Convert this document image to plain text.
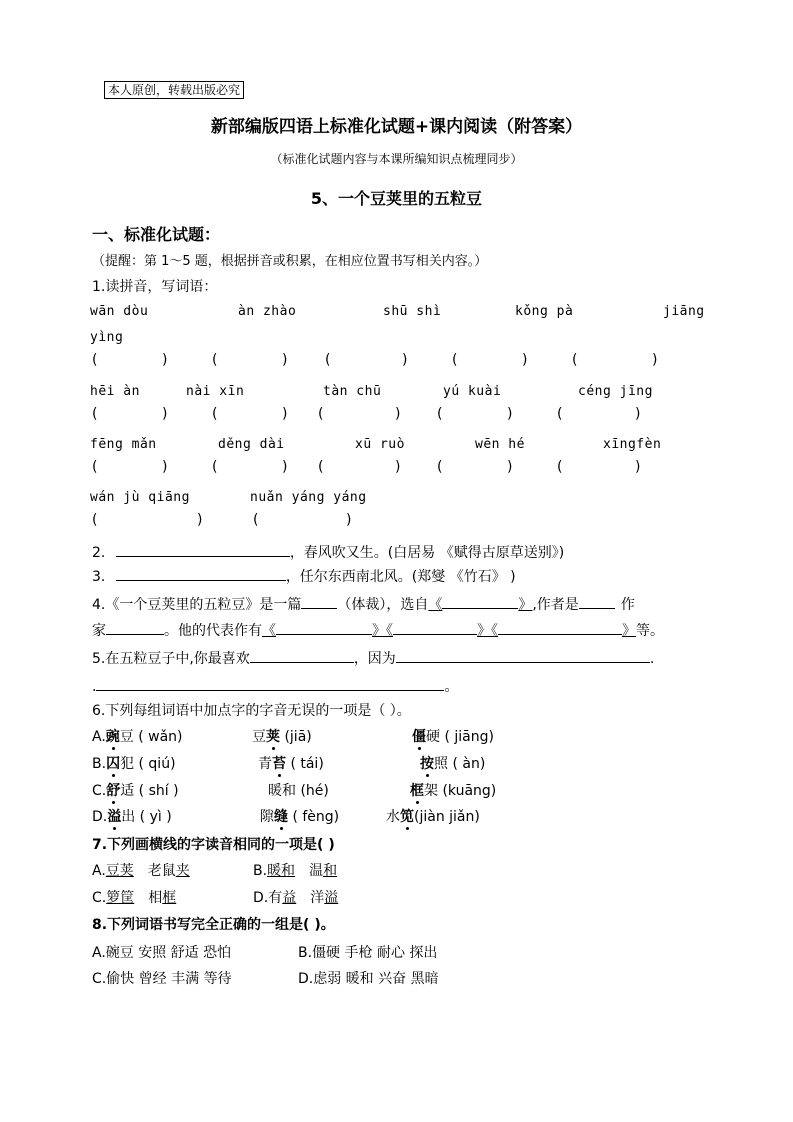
本人原创，转载出版必究
新部编版四语上标准化试题+课内阅读（附答案）
（标准化试题内容与本课所编知识点梳理同步）
5、一个豆荚里的五粒豆
一、标准化试题：
（提醒：第 1～5 题，根据拼音或积累，在相应位置书写相关内容。）
1.读拼音，写词语：
wān dòu	àn zhào	shū shì	kǒng pà	jiāng
yìng
(	)	(	)	(	)	(	)	(	)
hēi àn	nài xīn	tàn chū	yú kuài	céng jīng
(	)	(	) (	)	(	)	(	)
fēng mǎn	děng dài	xū ruò	wēn hé	xīngfèn
(	)	(	) (	)	(	)	(	)
wán jù qiāng	nuǎn yáng yáng
(	)	(	)
2.	，春风吹又生。(白居易 《赋得古原草送别》)
3.	，任尔东西南北风。(郑燮 《竹石》 )
4.《一个豆荚里的五粒豆》是一篇	（体裁），选自《	》,作者是	作
家	。他的代表作有《	》《	》《	》等。
5.在五粒豆子中,你最喜欢	，因为	.
.	。
6.下列每组词语中加点字的字音无误的一项是（ ）。
A.豌豆 ( wǎn)	豆荚 (jiā)	僵硬 ( jiāng)
B.囚犯 ( qiú)	青苔 ( tái)	按照 ( àn)
C.舒适 ( shí )	暖和 (hé)	框架 (kuāng)
D.溢出 ( yì )	隙缝 ( fèng)	水笕(jiàn jiǎn)
7.下列画横线的字读音相同的一项是( )
A.豆荚 老鼠夹	B.暖和 温和
C.箩筐 相框	D.有益 洋溢
8.下列词语书写完全正确的一组是( )。
A.碗豆 安照 舒适 恐怕	B.僵硬 手枪 耐心 探出
C.偷快 曾经 丰满 等待	D.虑弱 暖和 兴奋 黑暗
